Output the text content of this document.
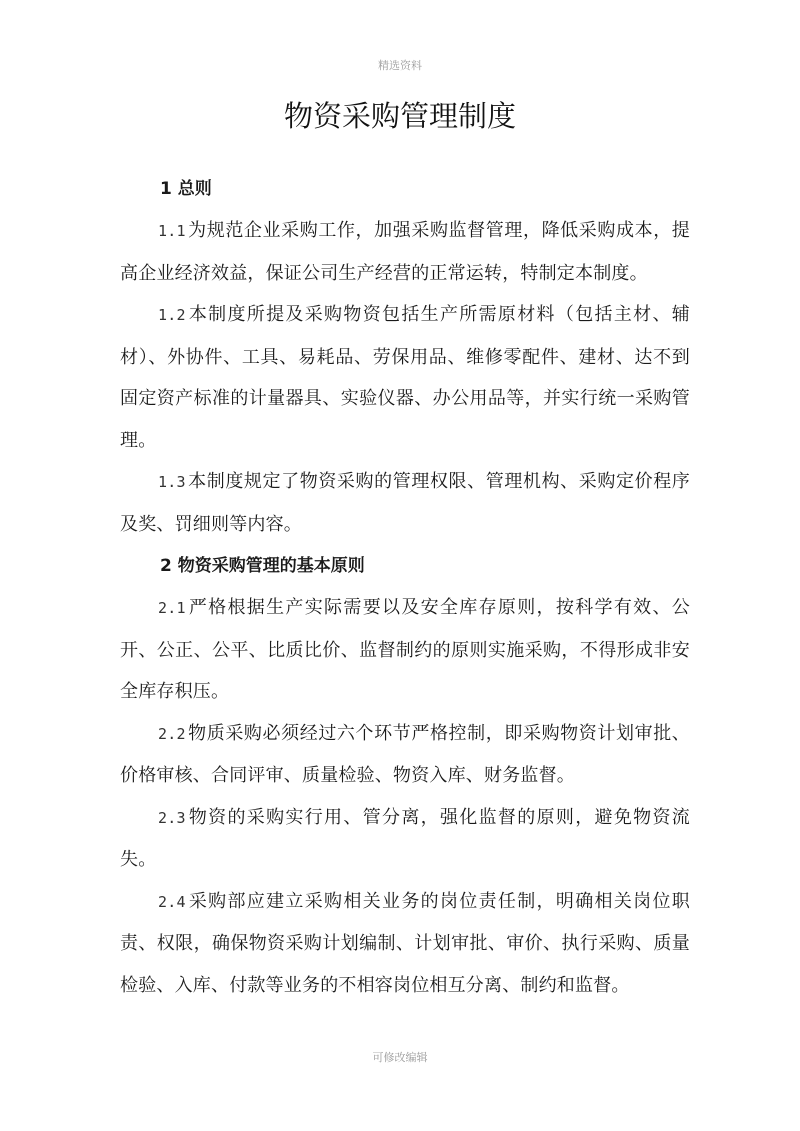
精选资料
物资采购管理制度

1 总则

1.1 为规范企业采购工作，加强采购监督管理，降低采购成本，提高企业经济效益，保证公司生产经营的正常运转，特制定本制度。

1.2 本制度所提及采购物资包括生产所需原材料（包括主材、辅材）、外协件、工具、易耗品、劳保用品、维修零配件、建材、达不到固定资产标准的计量器具、实验仪器、办公用品等，并实行统一采购管理。

1.3 本制度规定了物资采购的管理权限、管理机构、采购定价程序及奖、罚细则等内容。

2 物资采购管理的基本原则

2.1 严格根据生产实际需要以及安全库存原则，按科学有效、公开、公正、公平、比质比价、监督制约的原则实施采购，不得形成非安全库存积压。

2.2 物质采购必须经过六个环节严格控制，即采购物资计划审批、价格审核、合同评审、质量检验、物资入库、财务监督。

2.3 物资的采购实行用、管分离，强化监督的原则，避免物资流失。

2.4 采购部应建立采购相关业务的岗位责任制，明确相关岗位职责、权限，确保物资采购计划编制、计划审批、审价、执行采购、质量检验、入库、付款等业务的不相容岗位相互分离、制约和监督。

可修改编辑
